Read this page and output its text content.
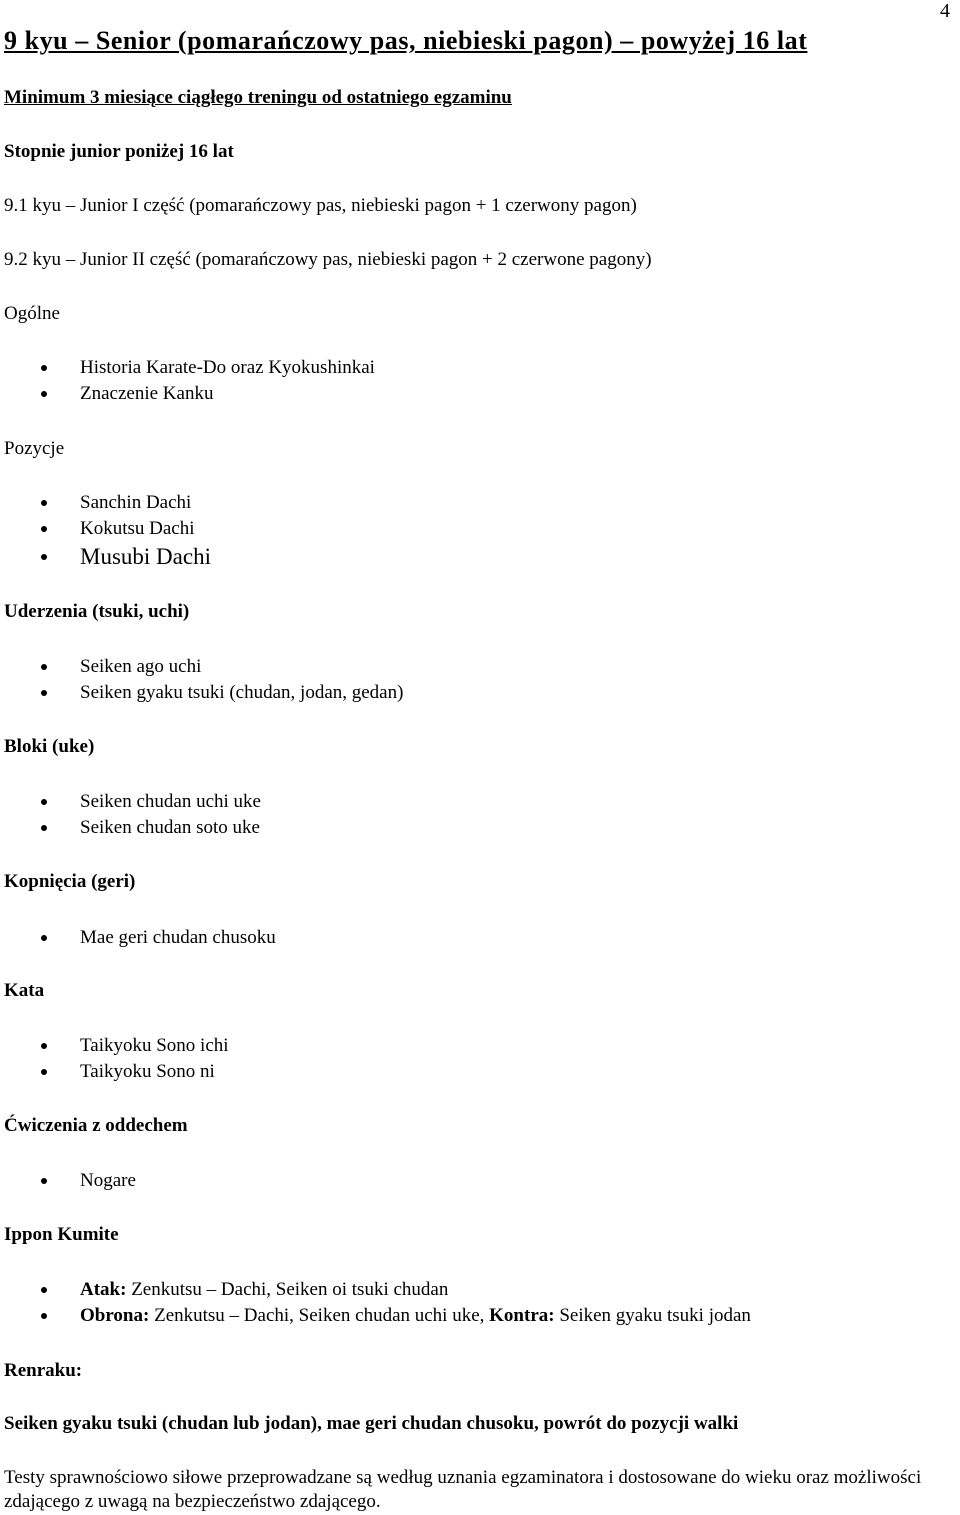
4
9 kyu – Senior (pomarańczowy pas, niebieski pagon) – powyżej 16 lat
Minimum 3 miesiące ciągłego treningu od ostatniego egzaminu
Stopnie junior poniżej 16 lat
9.1 kyu – Junior I część (pomarańczowy pas, niebieski pagon + 1 czerwony pagon)
9.2 kyu – Junior II część (pomarańczowy pas, niebieski pagon + 2 czerwone pagony)
Ogólne
Historia Karate-Do oraz Kyokushinkai
Znaczenie Kanku
Pozycje
Sanchin Dachi
Kokutsu Dachi
Musubi Dachi
Uderzenia (tsuki, uchi)
Seiken ago uchi
Seiken gyaku tsuki (chudan, jodan, gedan)
Bloki (uke)
Seiken chudan uchi uke
Seiken chudan soto uke
Kopnięcia (geri)
Mae geri chudan chusoku
Kata
Taikyoku Sono ichi
Taikyoku Sono ni
Ćwiczenia z oddechem
Nogare
Ippon Kumite
Atak: Zenkutsu – Dachi, Seiken oi tsuki chudan
Obrona: Zenkutsu – Dachi, Seiken chudan uchi uke, Kontra: Seiken gyaku tsuki jodan
Renraku:
Seiken gyaku tsuki (chudan lub jodan), mae geri chudan chusoku, powrót do pozycji walki
Testy sprawnościowo siłowe przeprowadzane są według uznania egzaminatora i dostosowane do wieku oraz możliwości zdającego z uwagą na bezpieczeństwo zdającego.
